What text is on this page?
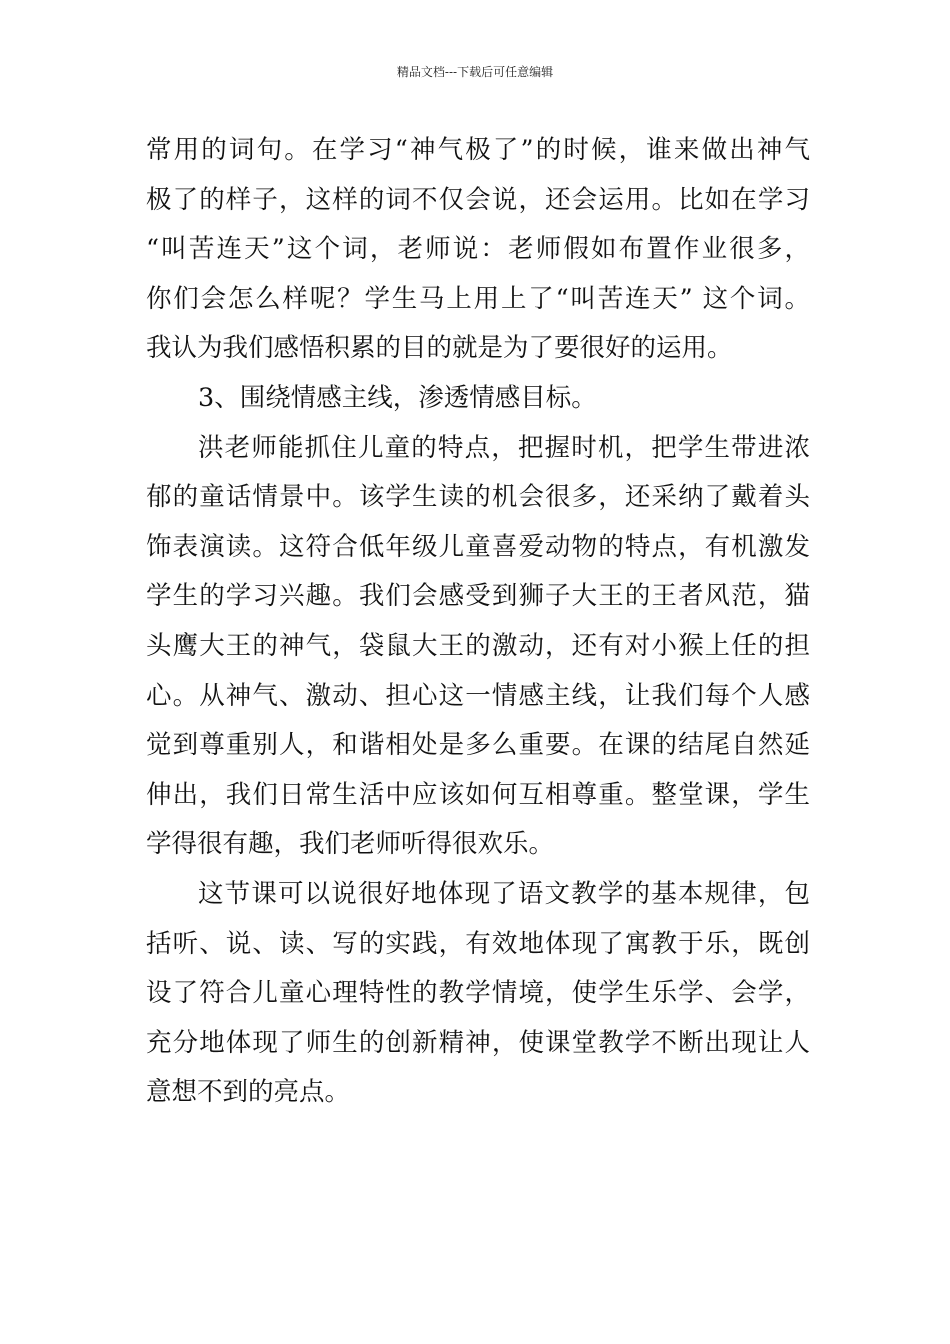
精品文档---下载后可任意编辑
常用的词句。在学习“神气极了”的时候，谁来做出神气
极了的样子，这样的词不仅会说，还会运用。比如在学习
“叫苦连天”这个词，老师说：老师假如布置作业很多，
你们会怎么样呢？学生马上用上了“叫苦连天” 这个词。
我认为我们感悟积累的目的就是为了要很好的运用。
3、围绕情感主线，渗透情感目标。
洪老师能抓住儿童的特点，把握时机，把学生带进浓
郁的童话情景中。该学生读的机会很多，还采纳了戴着头
饰表演读。这符合低年级儿童喜爱动物的特点，有机激发
学生的学习兴趣。我们会感受到狮子大王的王者风范，猫
头鹰大王的神气，袋鼠大王的激动，还有对小猴上任的担
心。从神气、激动、担心这一情感主线，让我们每个人感
觉到尊重别人，和谐相处是多么重要。在课的结尾自然延
伸出，我们日常生活中应该如何互相尊重。整堂课，学生
学得很有趣，我们老师听得很欢乐。
这节课可以说很好地体现了语文教学的基本规律，包
括听、说、读、写的实践，有效地体现了寓教于乐，既创
设了符合儿童心理特性的教学情境，使学生乐学、会学，
充分地体现了师生的创新精神，使课堂教学不断出现让人
意想不到的亮点。
